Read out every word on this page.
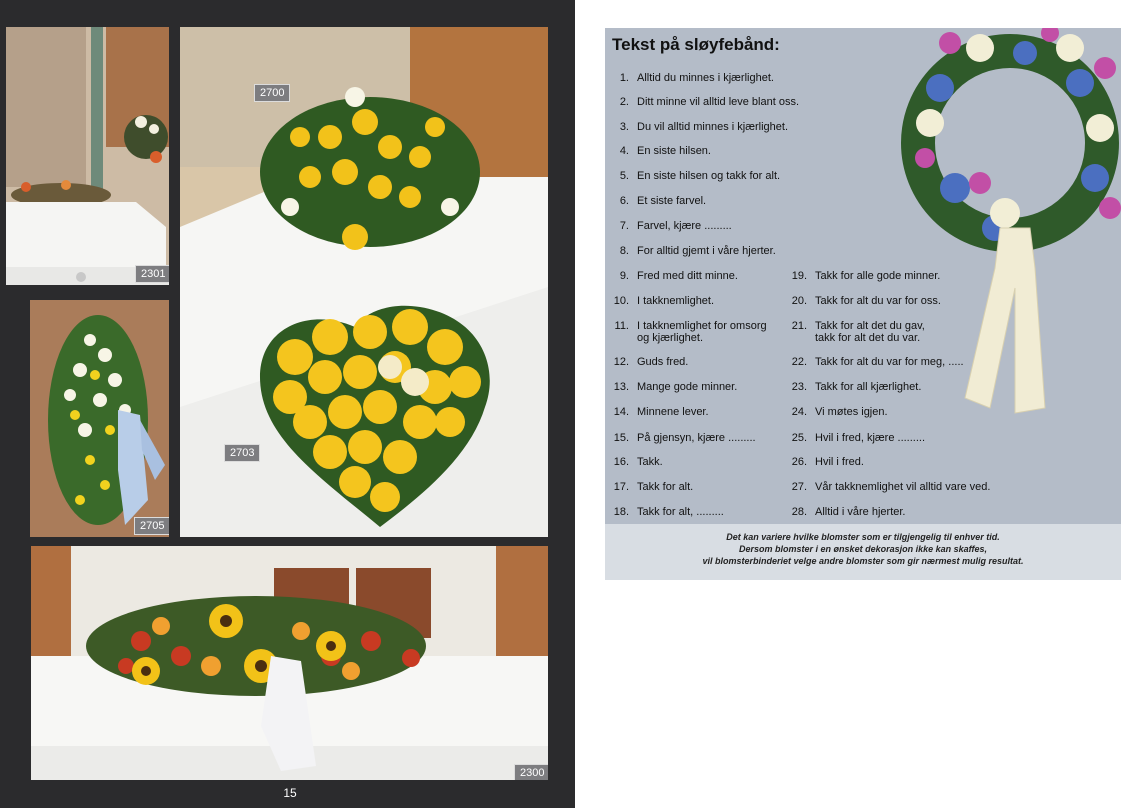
2301
2700
2703
2705
2300
15
Tekst på sløyfebånd:
1. Alltid du minnes i kjærlighet.
2. Ditt minne vil alltid leve blant oss.
3. Du vil alltid minnes i kjærlighet.
4. En siste hilsen.
5. En siste hilsen og takk for alt.
6. Et siste farvel.
7. Farvel, kjære .........
8. For alltid gjemt i våre hjerter.
9. Fred med ditt minne.
10. I takknemlighet.
11. I takknemlighet for omsorg
og kjærlighet.
12. Guds fred.
13. Mange gode minner.
14. Minnene lever.
15. På gjensyn, kjære .........
16. Takk.
17. Takk for alt.
18. Takk for alt, .........
19. Takk for alle gode minner.
20. Takk for alt du var for oss.
21. Takk for alt det du gav,
takk for alt det du var.
22. Takk for alt du var for meg, .....
23. Takk for all kjærlighet.
24. Vi møtes igjen.
25. Hvil i fred, kjære .........
26. Hvil i fred.
27. Vår takknemlighet vil alltid vare ved.
28. Alltid i våre hjerter.
Det kan variere hvilke blomster som er tilgjengelig til enhver tid.
Dersom blomster i en ønsket dekorasjon ikke kan skaffes,
vil blomsterbinderiet velge andre blomster som gir nærmest mulig resultat.
